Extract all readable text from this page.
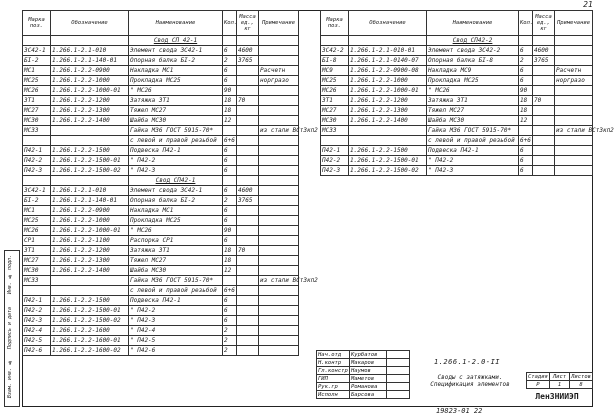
21
Инв. № подл.
Подпись и дата
Взам. инв. №
Марка поз.	Обозначение	Наименование	Кол.	Масса ед., кг	Примечание
		Свод СП 42-1			
ЗС42-1	1.266.1-2.1-010	Элемент свода ЗС42-1	6	4600	
БI-2	1.266.1-2.1-140-01	Опорная балка БI-2	2	3765	
МС1	1.266.1-2.2-0900	Накладка МС1	6		Расчетн
МС25	1.266.1-2.2-1000	Прокладка МС25	6		норгразо
МС26	1.266.1-2.2-1000-01	" МС26	90		
ЗТ1	1.266.1-2.2-1200	Затяжка ЗТ1	18	70	
МС27	1.266.1-2.2-1300	Тяжел МС27	18		
МС30	1.266.1-2.2-1400	Шайба МС30	12		
МС33		Гайка М36 ГОСТ 5915-70*			из стали ВСт3кп2
		с левой и правой резьбой	6+6		
П42-1	1.266.1-2.2-1500	Подвеска П42-1	6		
П42-2	1.266.1-2.2-1500-01	" П42-2	6		
П42-3	1.266.1-2.2-1500-02	" П42-3	6		
		Свод СП42-1			
ЗС42-1	1.266.1-2.1-010	Элемент свода ЗС42-1	6	4600	
БI-2	1.266.1-2.1-140-01	Опорная балка БI-2	2	3765	
МС1	1.266.1-2.2-0900	Накладка МС1	6		
МС25	1.266.1-2.2-1000	Прокладка МС25	6		
МС26	1.266.1-2.2-1000-01	" МС26	90		
СР1	1.266.1-2.2-1100	Распорка СР1	6		
ЗТ1	1.266.1-2.2-1200	Затяжка ЗТ1	18	70	
МС27	1.266.1-2.2-1300	Тяжел МС27	18		
МС30	1.266.1-2.2-1400	Шайба МС30	12		
МС33		Гайка М36 ГОСТ 5915-70*			из стали ВСт3кп2
		с левой и правой резьбой	6+6		
П42-1	1.266.1-2.2-1500	Подвеска П42-1	6		
П42-2	1.266.1-2.2-1500-01	" П42-2	6		
П42-3	1.266.1-2.2-1500-02	" П42-3	6		
П42-4	1.266.1-2.2-1600	" П42-4	2		
П42-5	1.266.1-2.2-1600-01	" П42-5	2		
П42-6	1.266.1-2.2-1600-02	" П42-6	2		
Марка поз.	Обозначение	Наименование	Кол.	Масса ед., кг	Примечание
		Свод СП42-2			
ЗС42-2	1.266.1-2.1-010-01	Элемент свода ЗС42-2	6	4600	
БI-8	1.266.1-2.1-0140-07	Опорная балка БI-8	2	3765	
МС9	1.266.1-2.2-0900-08	Накладка МС9	6		Расчетн
МС25	1.266.1-2.2-1000	Прокладка МС25	6		норгразо
МС26	1.266.1-2.2-1000-01	" МС26	90		
ЗТ1	1.266.1-2.2-1200	Затяжка ЗТ1	18	70	
МС27	1.266.1-2.2-1300	Тяжел МС27	18		
МС30	1.266.1-2.2-1400	Шайба МС30	12		
МС33		Гайка М36 ГОСТ 5915-70*			из стали ВСт3кп2
		с левой и правой резьбой	6+6		
П42-1	1.266.1-2.2-1500	Подвеска П42-1	6		
П42-2	1.266.1-2.2-1500-01	" П42-2	6		
П42-3	1.266.1-2.2-1500-02	" П42-3	6		
Нач.отд	Курбатов	
Н.контр	Макаров	
Гл.констр	Наумов	
ГИП	Маметов	
Рук.гр	Романова	
Исполн	Барсова	
1.266.1-2.0-II
Своды с затяжками. Спецификация элементов
Стадия	Лист	Листов
Р	1	8
ЛенЗНИИЭП
19823-01 22
